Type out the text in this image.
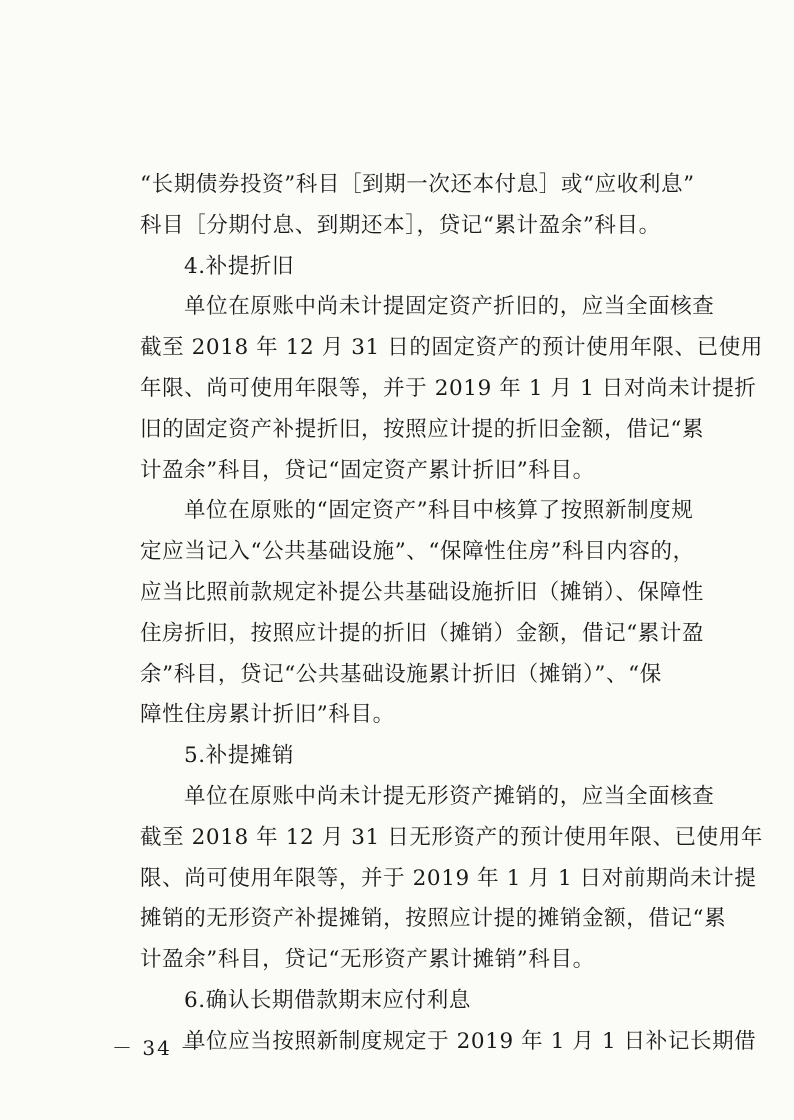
“长期债券投资”科目［到期一次还本付息］或“应收利息”
科目［分期付息、到期还本］，贷记“累计盈余”科目。
4.补提折旧
单位在原账中尚未计提固定资产折旧的，应当全面核查
截至 2018 年 12 月 31 日的固定资产的预计使用年限、已使用
年限、尚可使用年限等，并于 2019 年 1 月 1 日对尚未计提折
旧的固定资产补提折旧，按照应计提的折旧金额，借记“累
计盈余”科目，贷记“固定资产累计折旧”科目。
单位在原账的“固定资产”科目中核算了按照新制度规
定应当记入“公共基础设施”、“保障性住房”科目内容的，
应当比照前款规定补提公共基础设施折旧（摊销）、保障性
住房折旧，按照应计提的折旧（摊销）金额，借记“累计盈
余”科目，贷记“公共基础设施累计折旧（摊销）”、“保
障性住房累计折旧”科目。
5.补提摊销
单位在原账中尚未计提无形资产摊销的，应当全面核查
截至 2018 年 12 月 31 日无形资产的预计使用年限、已使用年
限、尚可使用年限等，并于 2019 年 1 月 1 日对前期尚未计提
摊销的无形资产补提摊销，按照应计提的摊销金额，借记“累
计盈余”科目，贷记“无形资产累计摊销”科目。
6.确认长期借款期末应付利息
单位应当按照新制度规定于 2019 年 1 月 1 日补记长期借
－ 34 －
